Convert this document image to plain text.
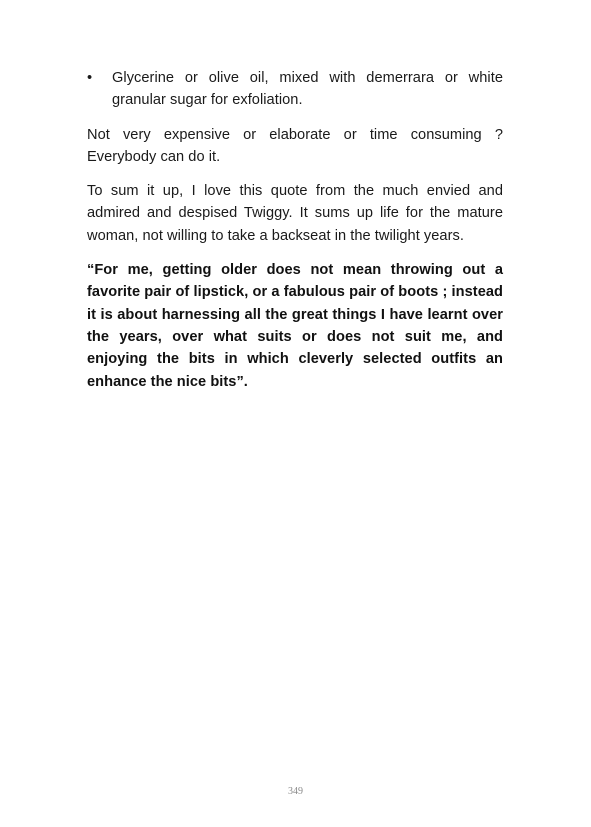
• Glycerine or olive oil, mixed with demerrara or white granular sugar for exfoliation.

Not very expensive or elaborate or time consuming ? Everybody can do it.

To sum it up, I love this quote from the much envied and admired and despised Twiggy. It sums up life for the mature woman, not willing to take a backseat in the twilight years.

“For me, getting older does not mean throwing out a favorite pair of lipstick, or a fabulous pair of boots ; instead it is about harnessing all the great things I have learnt over the years, over what suits or does not suit me, and enjoying the bits in which cleverly selected outfits an enhance the nice bits”.

349
